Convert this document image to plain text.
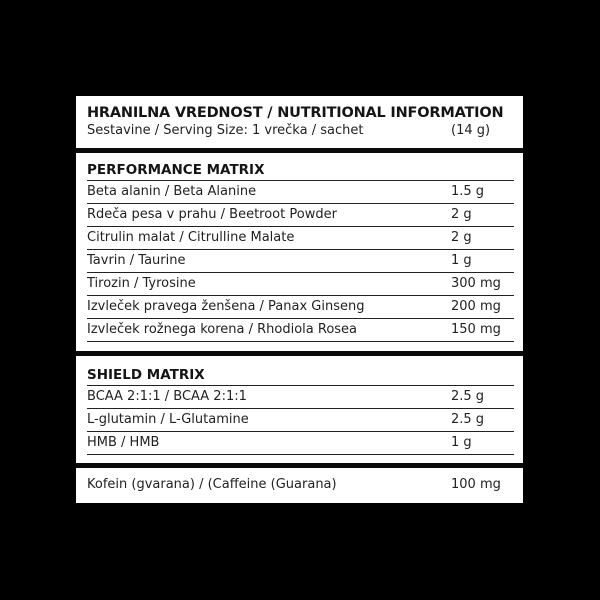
HRANILNA VREDNOST / NUTRITIONAL INFORMATION
Sestavine / Serving Size: 1 vrečka / sachet	(14 g)
PERFORMANCE MATRIX
Beta alanin / Beta Alanine	1.5 g
Rdeča pesa v prahu / Beetroot Powder	2 g
Citrulin malat / Citrulline Malate	2 g
Tavrin / Taurine	1 g
Tirozin / Tyrosine	300 mg
Izvleček pravega ženšena / Panax Ginseng	200 mg
Izvleček rožnega korena / Rhodiola Rosea	150 mg
SHIELD MATRIX
BCAA 2:1:1 / BCAA 2:1:1	2.5 g
L-glutamin / L-Glutamine	2.5 g
HMB / HMB	1 g
Kofein (gvarana) / (Caffeine (Guarana)	100 mg
